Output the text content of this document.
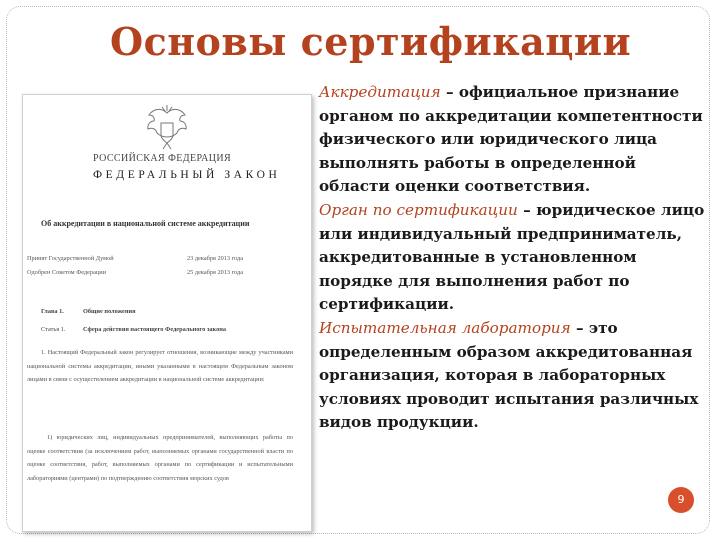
Основы сертификации
РОССИЙСКАЯ ФЕДЕРАЦИЯ
ФЕДЕРАЛЬНЫЙ ЗАКОН
Об аккредитации в национальной системе аккредитации
Принят Государственной Думой	23 декабря 2013 года
Одобрен Советом Федерации	25 декабря 2013 года
Глава 1.	Общие положения
Статья 1.	Сфера действия настоящего Федерального закона
1. Настоящий Федеральный закон регулирует отношения, возникающие между участниками национальной системы аккредитации, иными указанными в настоящем Федеральным законом лицами в связи с осуществлением аккредитации в национальной системе аккредитации:
1) юридических лиц, индивидуальных предпринимателей, выполняющих работы по оценке соответствия (за исключением работ, выполняемых органами государственной власти по оценке соответствия, работ, выполняемых органами по сертификации и испытательными лабораториями (центрами) по подтверждению соответствия морских судов
Аккредитация – официальное признание органом по аккредитации компетентности физического или юридического лица выполнять работы в определенной области оценки соответствия.
Орган по сертификации – юридическое лицо или индивидуальный предприниматель, аккредитованные в установленном порядке для выполнения работ по сертификации.
Испытательная лаборатория – это определенным образом аккредитованная организация, которая в лабораторных условиях проводит испытания различных видов продукции.
9
